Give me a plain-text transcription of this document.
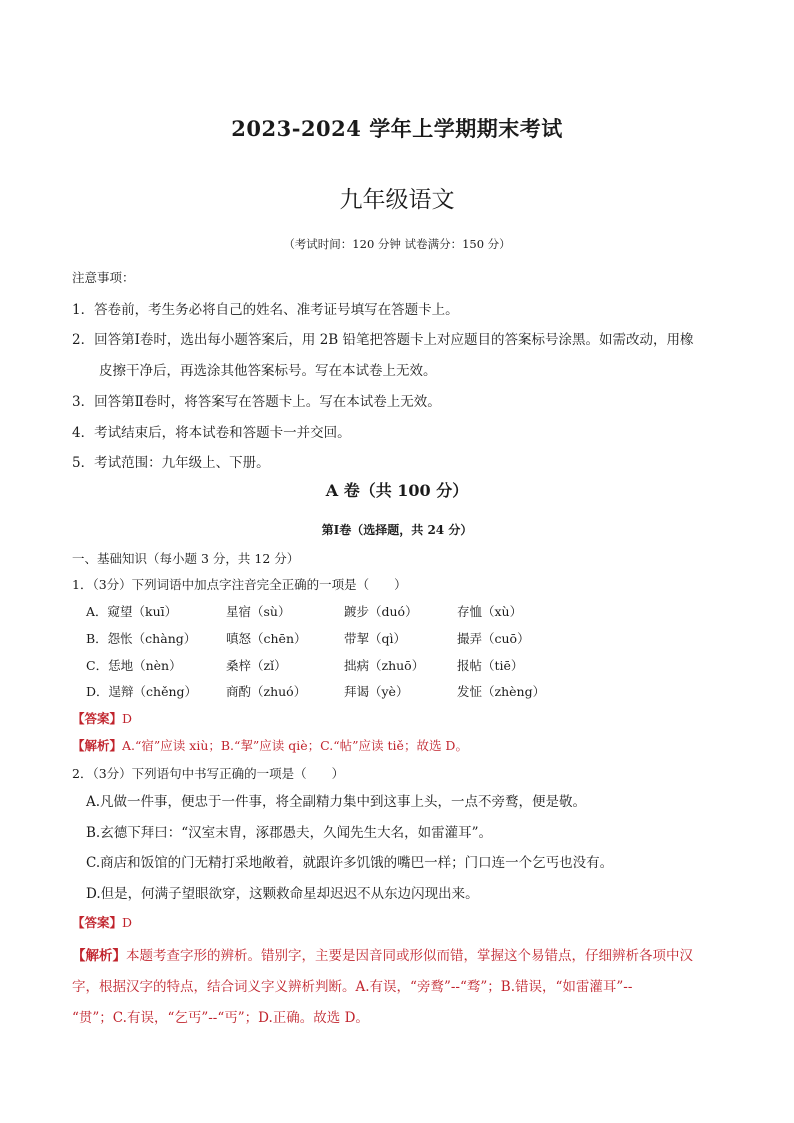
2023-2024 学年上学期期末考试
九年级语文
（考试时间：120 分钟 试卷满分：150 分）
注意事项：
1．答卷前，考生务必将自己的姓名、准考证号填写在答题卡上。
2．回答第Ⅰ卷时，选出每小题答案后，用 2B 铅笔把答题卡上对应题目的答案标号涂黑。如需改动，用橡
皮擦干净后，再选涂其他答案标号。写在本试卷上无效。
3．回答第Ⅱ卷时，将答案写在答题卡上。写在本试卷上无效。
4．考试结束后，将本试卷和答题卡一并交回。
5．考试范围：九年级上、下册。
A 卷（共 100 分）
第Ⅰ卷（选择题，共 24 分）
一、基础知识（每小题 3 分，共 12 分）
1．（3分）下列词语中加点字注音完全正确的一项是（　　）
A．窥望（kuī）	星宿（sù）	踱步（duó）	存恤（xù）
B．怨怅（chàng） 嗔怒（chēn）	带挈（qì）	撮弄（cuō）
C．恁地（nèn）	桑梓（zǐ）	拙病（zhuō）	报帖（tiē）
D．逞辩（chěng） 商酌（zhuó）	拜谒（yè）	发怔（zhèng）
【答案】D
【解析】A.“宿”应读 xiù；B.“挈”应读 qiè；C.“帖”应读 tiě；故选 D。
2．（3分）下列语句中书写正确的一项是（　　）
A.凡做一件事，便忠于一件事，将全副精力集中到这事上头，一点不旁鹜，便是敬。
B.玄德下拜曰：“汉室末胄，涿郡愚夫，久闻先生大名，如雷灌耳”。
C.商店和饭馆的门无精打采地敞着，就跟许多饥饿的嘴巴一样；门口连一个乞丐也没有。
D.但是，何满子望眼欲穿，这颗救命星却迟迟不从东边闪现出来。
【答案】D
【解析】本题考查字形的辨析。错别字，主要是因音同或形似而错，掌握这个易错点，仔细辨析各项中汉
字，根据汉字的特点，结合词义字义辨析判断。A.有误，“旁鹜”--“骛”；B.错误，“如雷灌耳”--
“贯”；C.有误，“乞丐”--“丐”；D.正确。故选 D。
